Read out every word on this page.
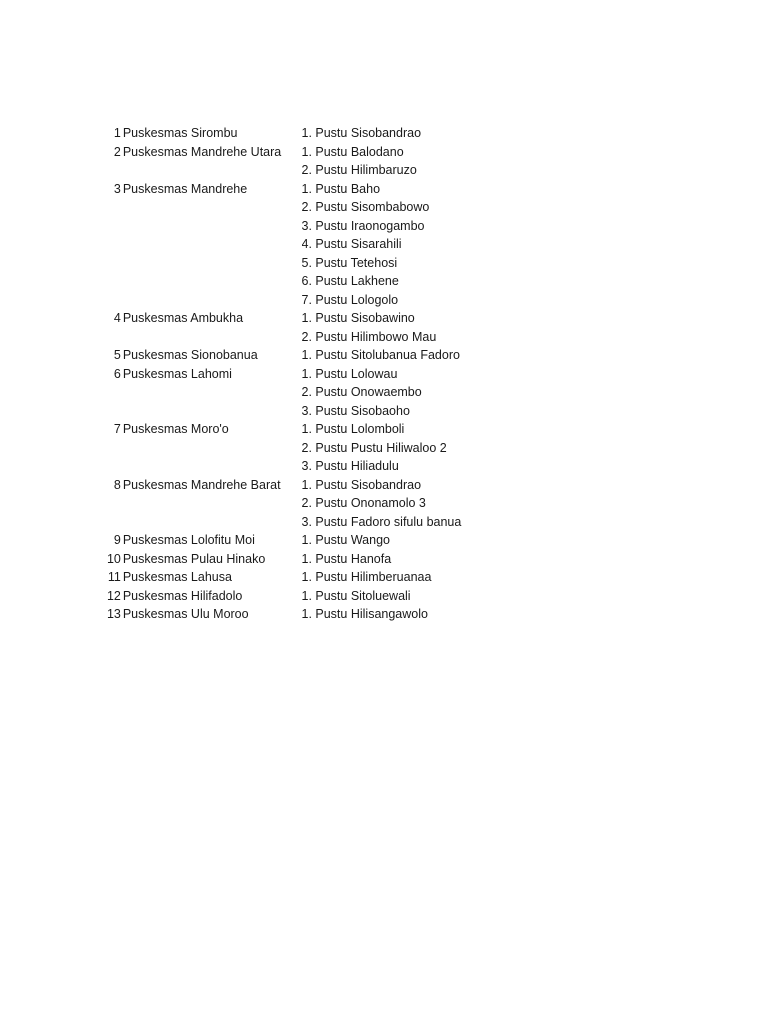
1 Puskesmas Sirombu	1. Pustu Sisobandrao
2 Puskesmas Mandrehe Utara	1. Pustu Balodano
2. Pustu Hilimbaruzo
3 Puskesmas Mandrehe	1. Pustu Baho
2. Pustu Sisombabowo
3. Pustu Iraonogambo
4. Pustu Sisarahili
5. Pustu Tetehosi
6. Pustu Lakhene
7. Pustu Lologolo
4 Puskesmas Ambukha	1. Pustu Sisobawino
2. Pustu Hilimbowo Mau
5 Puskesmas Sionobanua	1. Pustu Sitolubanua Fadoro
6 Puskesmas Lahomi	1. Pustu Lolowau
2. Pustu Onowaembo
3. Pustu Sisobaoho
7 Puskesmas Moro'o	1. Pustu Lolomboli
2. Pustu Pustu Hiliwaloo 2
3. Pustu Hiliadulu
8 Puskesmas Mandrehe Barat	1. Pustu Sisobandrao
2. Pustu Ononamolo 3
3. Pustu Fadoro sifulu banua
9 Puskesmas Lolofitu Moi	1. Pustu Wango
10 Puskesmas Pulau Hinako	1. Pustu Hanofa
11 Puskesmas Lahusa	1. Pustu Hilimberuanaa
12 Puskesmas Hilifadolo	1. Pustu Sitoluewali
13 Puskesmas Ulu Moroo	1. Pustu Hilisangawolo
